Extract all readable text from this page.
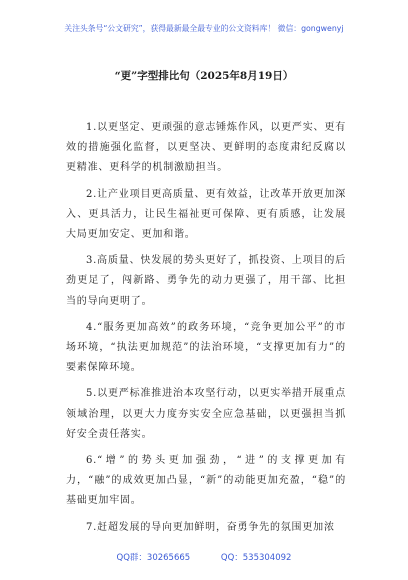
关注头条号“公文研究”，获得最新最全最专业的公文资料库！ 微信：gongwenyj
“更”字型排比句（2025年8月19日）

1.以更坚定、更顽强的意志锤炼作风，以更严实、更有效的措施强化监督，以更坚决、更鲜明的态度肃纪反腐以更精准、更科学的机制激励担当。

2.让产业项目更高质量、更有效益，让改革开放更加深入、更具活力，让民生福祉更可保障、更有质感，让发展大局更加安定、更加和谐。

3.高质量、快发展的势头更好了，抓投资、上项目的后劲更足了，闯新路、勇争先的动力更强了，用干部、比担当的导向更明了。

4.“服务更加高效”的政务环境，“竞争更加公平”的市场环境，“执法更加规范”的法治环境，“支撑更加有力”的要素保障环境。

5.以更严标准推进治本攻坚行动，以更实举措开展重点领域治理，以更大力度夯实安全应急基础，以更强担当抓好安全责任落实。

6.“增”的势头更加强劲，“进”的支撑更加有力，“融”的成效更加凸显，“新”的动能更加充盈，“稳”的基础更加牢固。

7.赶超发展的导向更加鲜明，奋勇争先的氛围更加浓

QQ群：30265665	QQ：535304092
